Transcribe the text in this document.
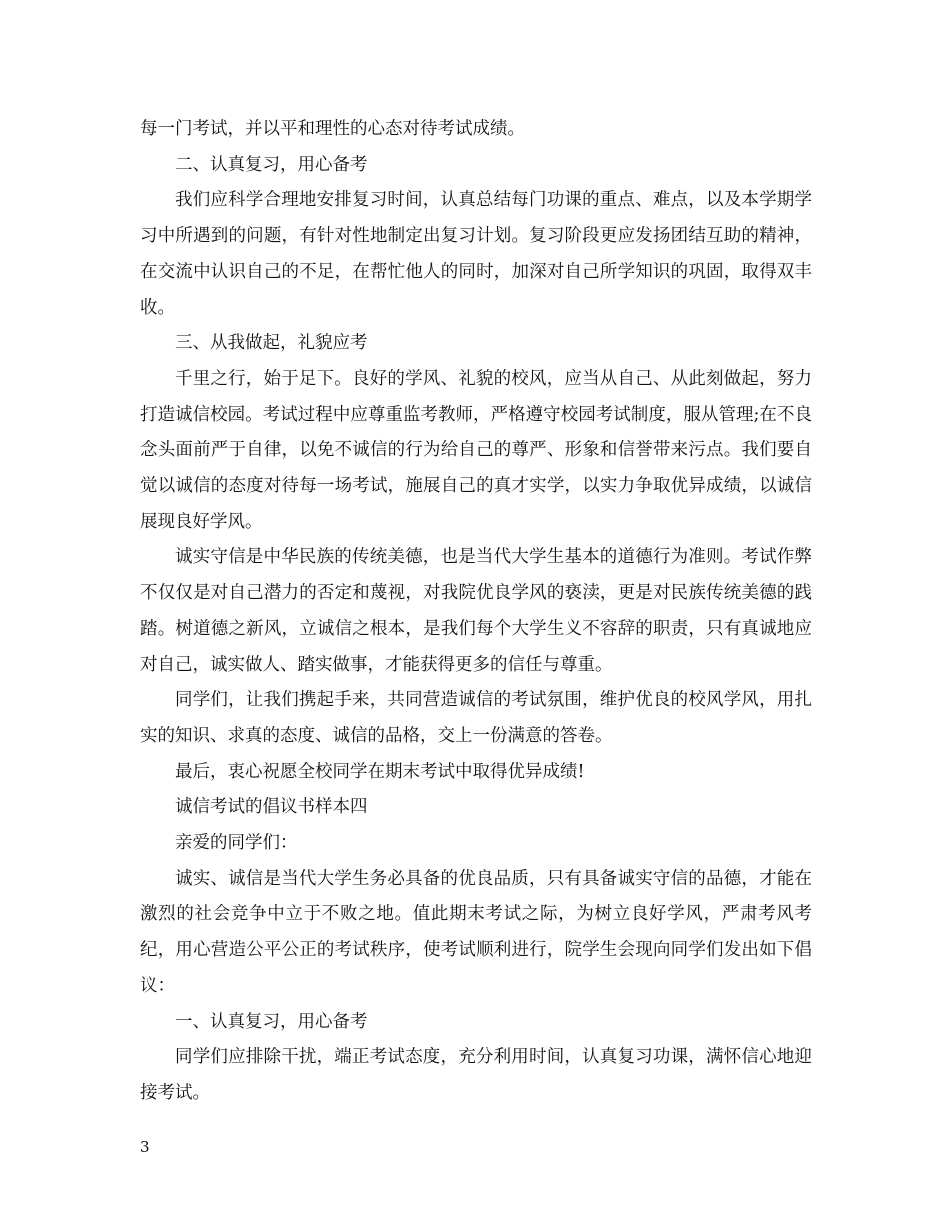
每一门考试，并以平和理性的心态对待考试成绩。

二、认真复习，用心备考

我们应科学合理地安排复习时间，认真总结每门功课的重点、难点，以及本学期学习中所遇到的问题，有针对性地制定出复习计划。复习阶段更应发扬团结互助的精神，在交流中认识自己的不足，在帮忙他人的同时，加深对自己所学知识的巩固，取得双丰收。

三、从我做起，礼貌应考

千里之行，始于足下。良好的学风、礼貌的校风，应当从自己、从此刻做起，努力打造诚信校园。考试过程中应尊重监考教师，严格遵守校园考试制度，服从管理;在不良念头面前严于自律，以免不诚信的行为给自己的尊严、形象和信誉带来污点。我们要自觉以诚信的态度对待每一场考试，施展自己的真才实学，以实力争取优异成绩，以诚信展现良好学风。

诚实守信是中华民族的传统美德，也是当代大学生基本的道德行为准则。考试作弊不仅仅是对自己潜力的否定和蔑视，对我院优良学风的亵渎，更是对民族传统美德的践踏。树道德之新风，立诚信之根本，是我们每个大学生义不容辞的职责，只有真诚地应对自己，诚实做人、踏实做事，才能获得更多的信任与尊重。

同学们，让我们携起手来，共同营造诚信的考试氛围，维护优良的校风学风，用扎实的知识、求真的态度、诚信的品格，交上一份满意的答卷。

最后，衷心祝愿全校同学在期末考试中取得优异成绩!

诚信考试的倡议书样本四

亲爱的同学们：

诚实、诚信是当代大学生务必具备的优良品质，只有具备诚实守信的品德，才能在激烈的社会竞争中立于不败之地。值此期末考试之际，为树立良好学风，严肃考风考纪，用心营造公平公正的考试秩序，使考试顺利进行，院学生会现向同学们发出如下倡议：

一、认真复习，用心备考

同学们应排除干扰，端正考试态度，充分利用时间，认真复习功课，满怀信心地迎接考试。

3
